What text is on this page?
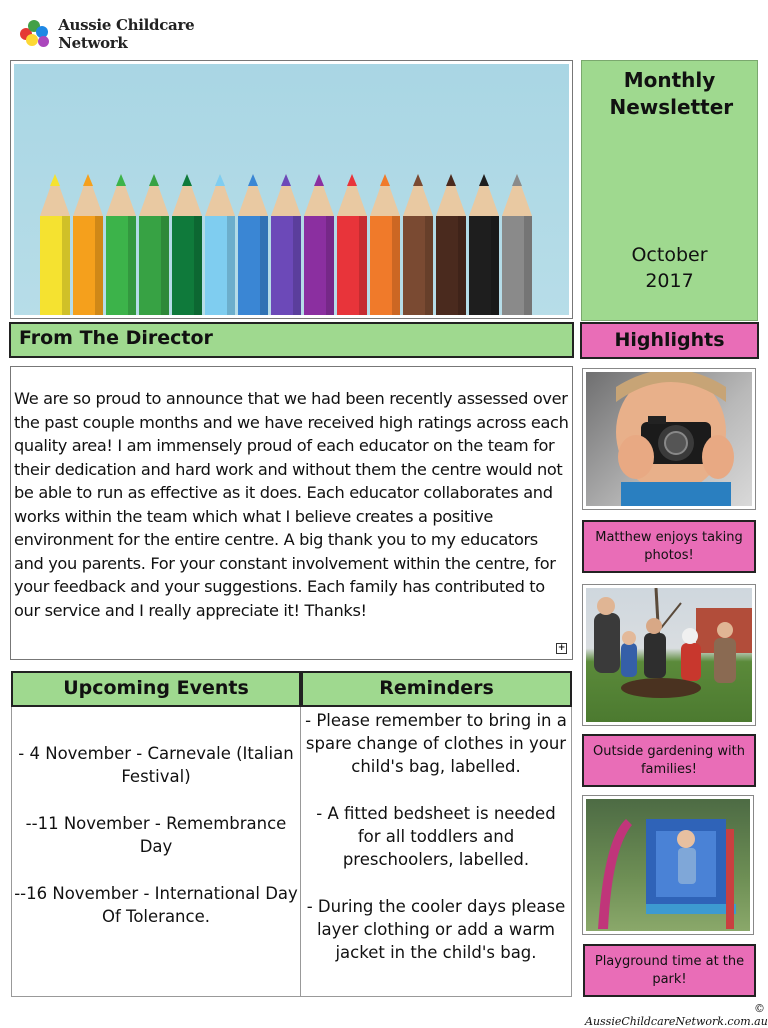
Aussie Childcare Network
Monthly Newsletter
October 2017
From The Director	Highlights
We are so proud to announce that we had been recently assessed over the past couple months and we have received high ratings across each quality area! I am immensely proud of each educator on the team for their dedication and hard work and without them the centre would not be able to run as effective as it does. Each educator collaborates and works within the team which what I believe creates a positive environment for the entire centre. A big thank you to my educators and you parents. For your constant involvement within the centre, for your feedback and your suggestions. Each family has contributed to our service and I really appreciate it! Thanks!
+
Upcoming Events	Reminders

- 4 November - Carnevale (Italian Festival)

--11 November - Remembrance Day

--16 November - International Day Of Tolerance.

- Please remember to bring in a spare change of clothes in your child's bag, labelled.

- A fitted bedsheet is needed for all toddlers and preschoolers, labelled.

- During the cooler days please layer clothing or add a warm jacket in the child's bag.

Matthew enjoys taking photos!
Outside gardening with families!
Playground time at the park!
© AussieChildcareNetwork.com.au
